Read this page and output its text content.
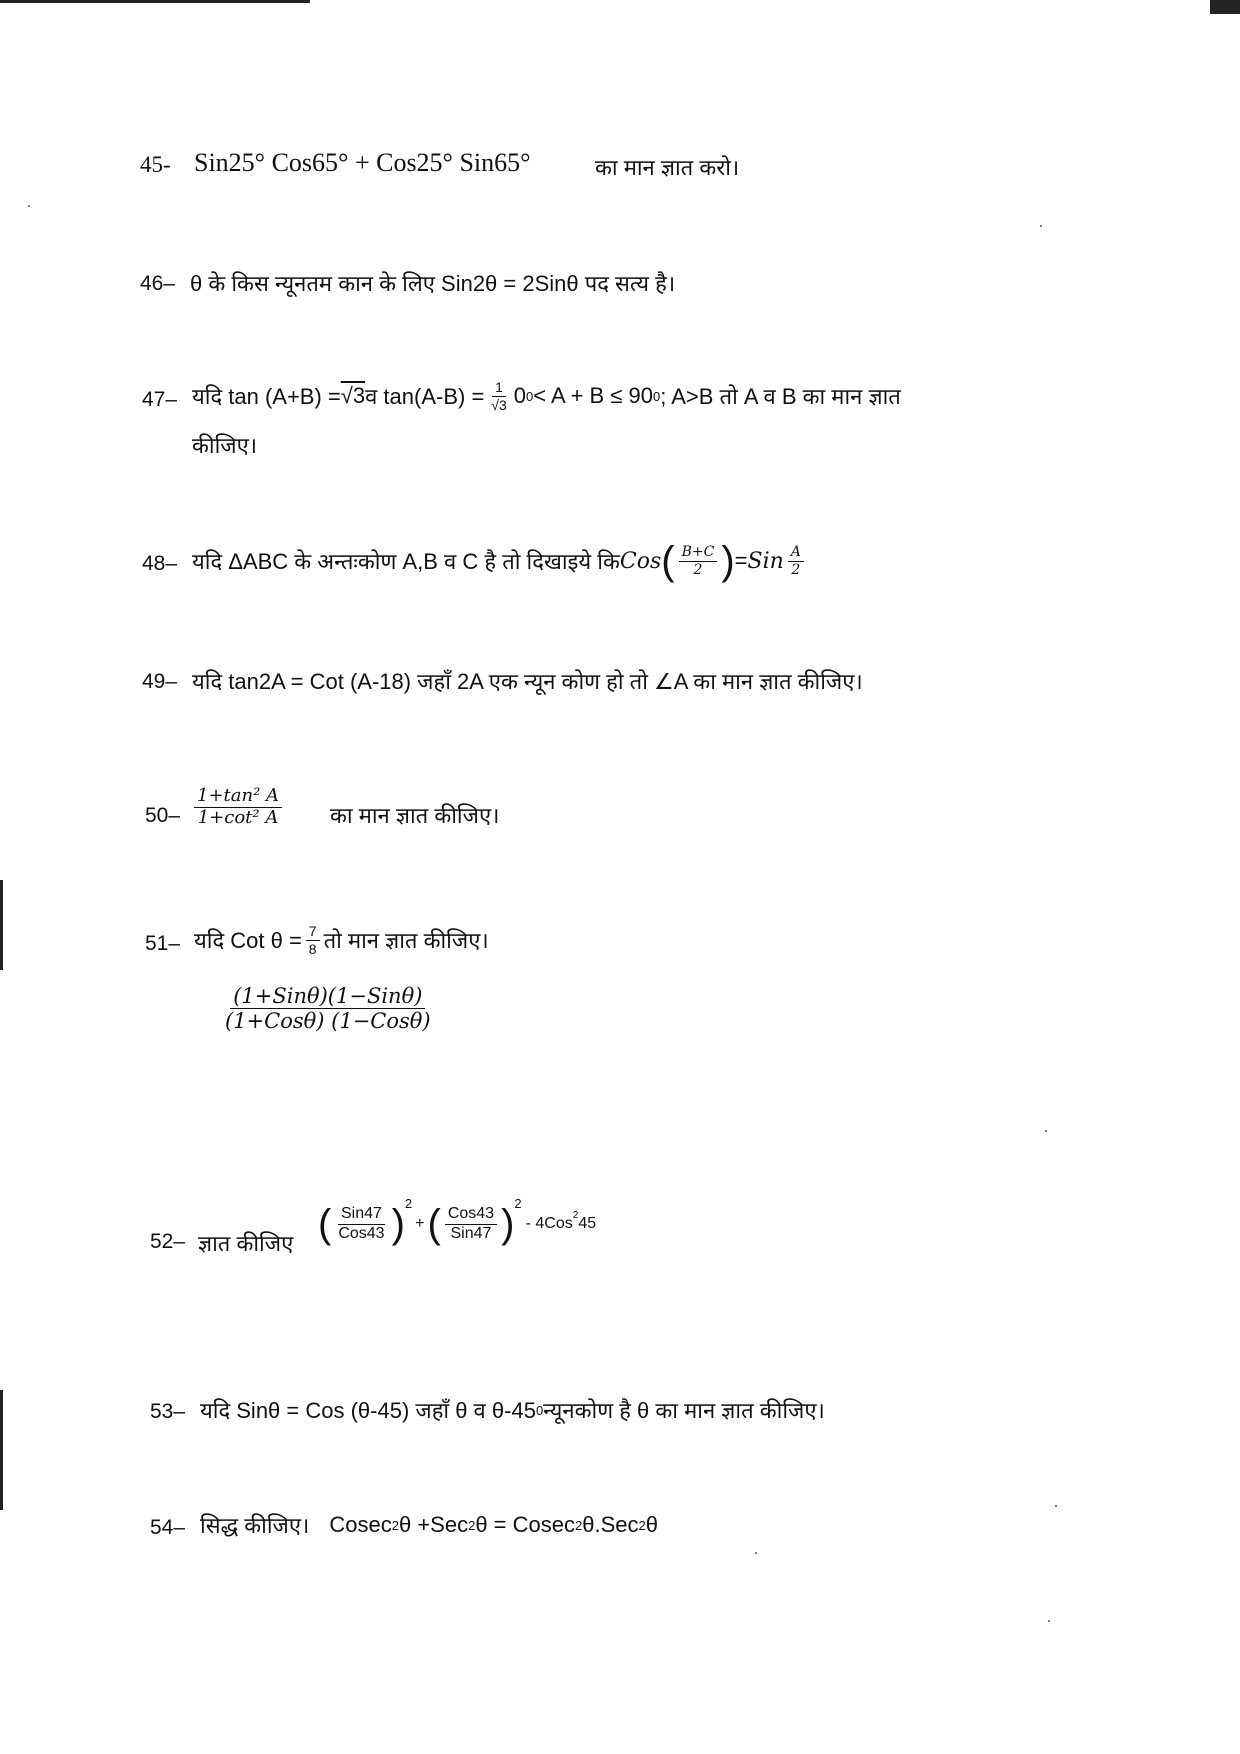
45- Sin25° Cos65° + Cos25° Sin65°	का मान ज्ञात करो।
46– θ के किस न्यूनतम कान के लिए Sin2θ = 2Sinθ पद सत्य है।
47– यदि tan (A+B) = √3 व $\tan(A-B) = \frac{1}{√3} 0$ 0 < A + B ≤ 90 0 ; A>B तो A व B का मान ज्ञात
कीजिए।
48– यदि ΔABC के अन्तःकोण A,B व C है तो दिखाइये कि Cos ( $\frac{B+C}{2}$ ) = Sin $\frac{A}{2}$
49– यदि tan2A = Cot (A-18) जहाँ 2A एक न्यून कोण हो तो ∠A का मान ज्ञात कीजिए।
$50- \frac{\text{1+tan² A}}{\text{1+cot² A}}$ का मान ज्ञात कीजिए।
51– यदि Cot $\theta = \frac{7}{8}$ तो मान ज्ञात कीजिए।
$\frac{\text{(1+Sinθ)(1−Sinθ)}}{\text{(1+Cosθ) (1−Cosθ)}}$
52– ज्ञात कीजिए ( $\frac{\text{Sin47}}{\text{Cos43}} )^2$
+ ( $\frac{\text{Cos43}}{\text{Sin47}} )^2$
- 4Cos$^2$ 45
53– यदि Sinθ = Cos (θ-45) जहाँ θ व θ-45 0 न्यूनकोण है θ का मान ज्ञात कीजिए।
54– सिद्ध कीजिए। Cosec 2 θ +Sec 2 θ = Cosec 2 θ.Sec 2 θ
